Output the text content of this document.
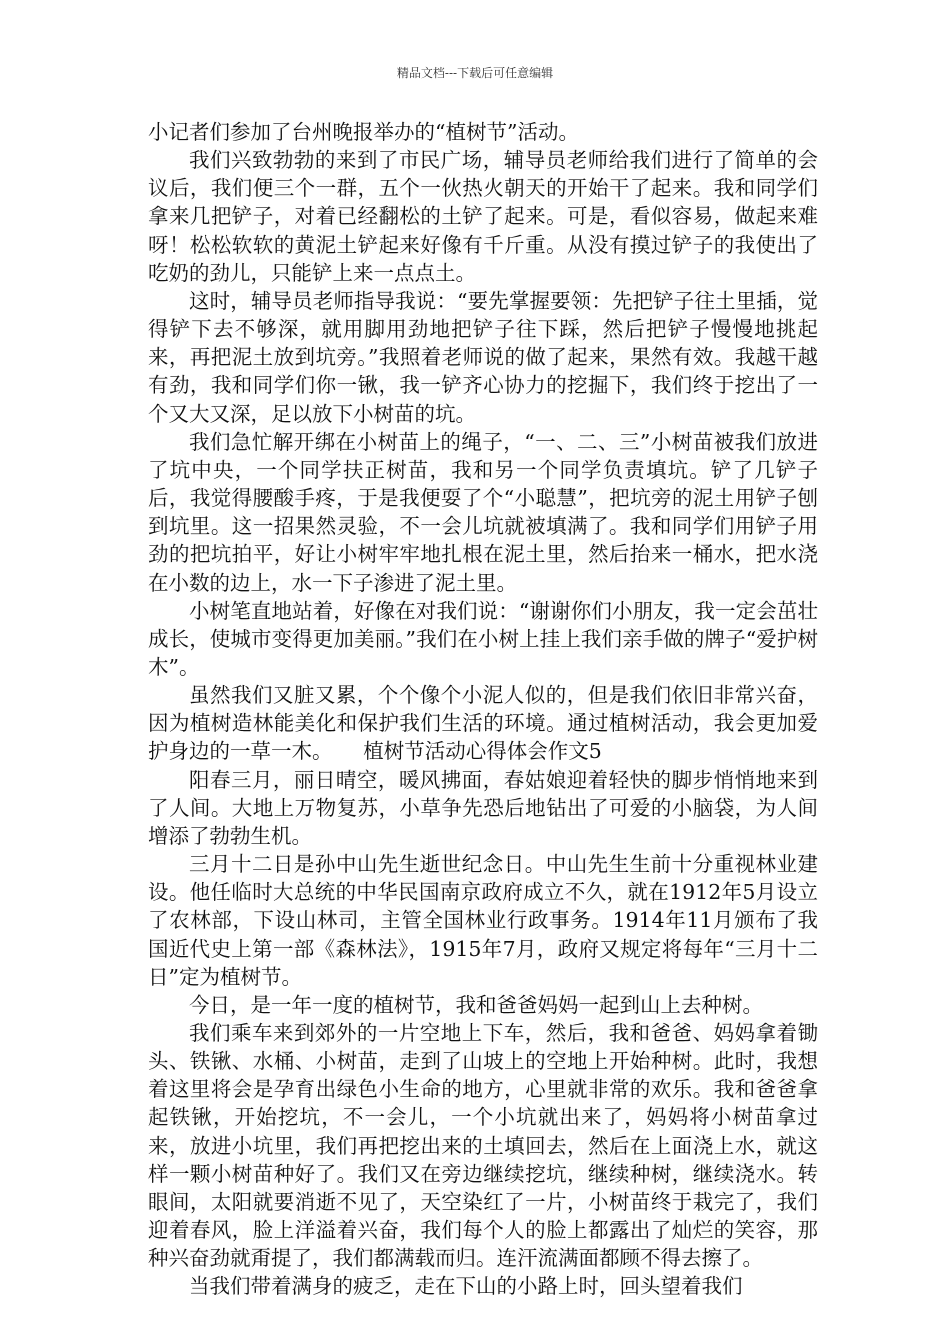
精品文档---下载后可任意编辑

小记者们参加了台州晚报举办的“植树节”活动。

我们兴致勃勃的来到了市民广场，辅导员老师给我们进行了简单的会议后，我们便三个一群，五个一伙热火朝天的开始干了起来。我和同学们拿来几把铲子，对着已经翻松的土铲了起来。可是，看似容易，做起来难呀！松松软软的黄泥土铲起来好像有千斤重。从没有摸过铲子的我使出了吃奶的劲儿，只能铲上来一点点土。

这时，辅导员老师指导我说：“要先掌握要领：先把铲子往土里插，觉得铲下去不够深，就用脚用劲地把铲子往下踩，然后把铲子慢慢地挑起来，再把泥土放到坑旁。”我照着老师说的做了起来，果然有效。我越干越有劲，我和同学们你一锹，我一铲齐心协力的挖掘下，我们终于挖出了一个又大又深，足以放下小树苗的坑。

我们急忙解开绑在小树苗上的绳子，“一、二、三”小树苗被我们放进了坑中央，一个同学扶正树苗，我和另一个同学负责填坑。铲了几铲子后，我觉得腰酸手疼，于是我便耍了个“小聪慧”，把坑旁的泥土用铲子刨到坑里。这一招果然灵验，不一会儿坑就被填满了。我和同学们用铲子用劲的把坑拍平，好让小树牢牢地扎根在泥土里，然后抬来一桶水，把水浇在小数的边上，水一下子渗进了泥土里。

小树笔直地站着，好像在对我们说：“谢谢你们小朋友，我一定会茁壮成长，使城市变得更加美丽。”我们在小树上挂上我们亲手做的牌子“爱护树木”。

虽然我们又脏又累，个个像个小泥人似的，但是我们依旧非常兴奋，因为植树造林能美化和保护我们生活的环境。通过植树活动，我会更加爱护身边的一草一木。　　植树节活动心得体会作文5

阳春三月，丽日晴空，暖风拂面，春姑娘迎着轻快的脚步悄悄地来到了人间。大地上万物复苏，小草争先恐后地钻出了可爱的小脑袋，为人间增添了勃勃生机。

三月十二日是孙中山先生逝世纪念日。中山先生生前十分重视林业建设。他任临时大总统的中华民国南京政府成立不久，就在1912年5月设立了农林部，下设山林司，主管全国林业行政事务。1914年11月颁布了我国近代史上第一部《森林法》，1915年7月，政府又规定将每年“三月十二日”定为植树节。

今日，是一年一度的植树节，我和爸爸妈妈一起到山上去种树。

我们乘车来到郊外的一片空地上下车，然后，我和爸爸、妈妈拿着锄头、铁锹、水桶、小树苗，走到了山坡上的空地上开始种树。此时，我想着这里将会是孕育出绿色小生命的地方，心里就非常的欢乐。我和爸爸拿起铁锹，开始挖坑，不一会儿，一个小坑就出来了，妈妈将小树苗拿过来，放进小坑里，我们再把挖出来的土填回去，然后在上面浇上水，就这样一颗小树苗种好了。我们又在旁边继续挖坑，继续种树，继续浇水。转眼间，太阳就要消逝不见了，天空染红了一片，小树苗终于栽完了，我们迎着春风，脸上洋溢着兴奋，我们每个人的脸上都露出了灿烂的笑容，那种兴奋劲就甭提了，我们都满载而归。连汗流满面都顾不得去擦了。

当我们带着满身的疲乏，走在下山的小路上时，回头望着我们
